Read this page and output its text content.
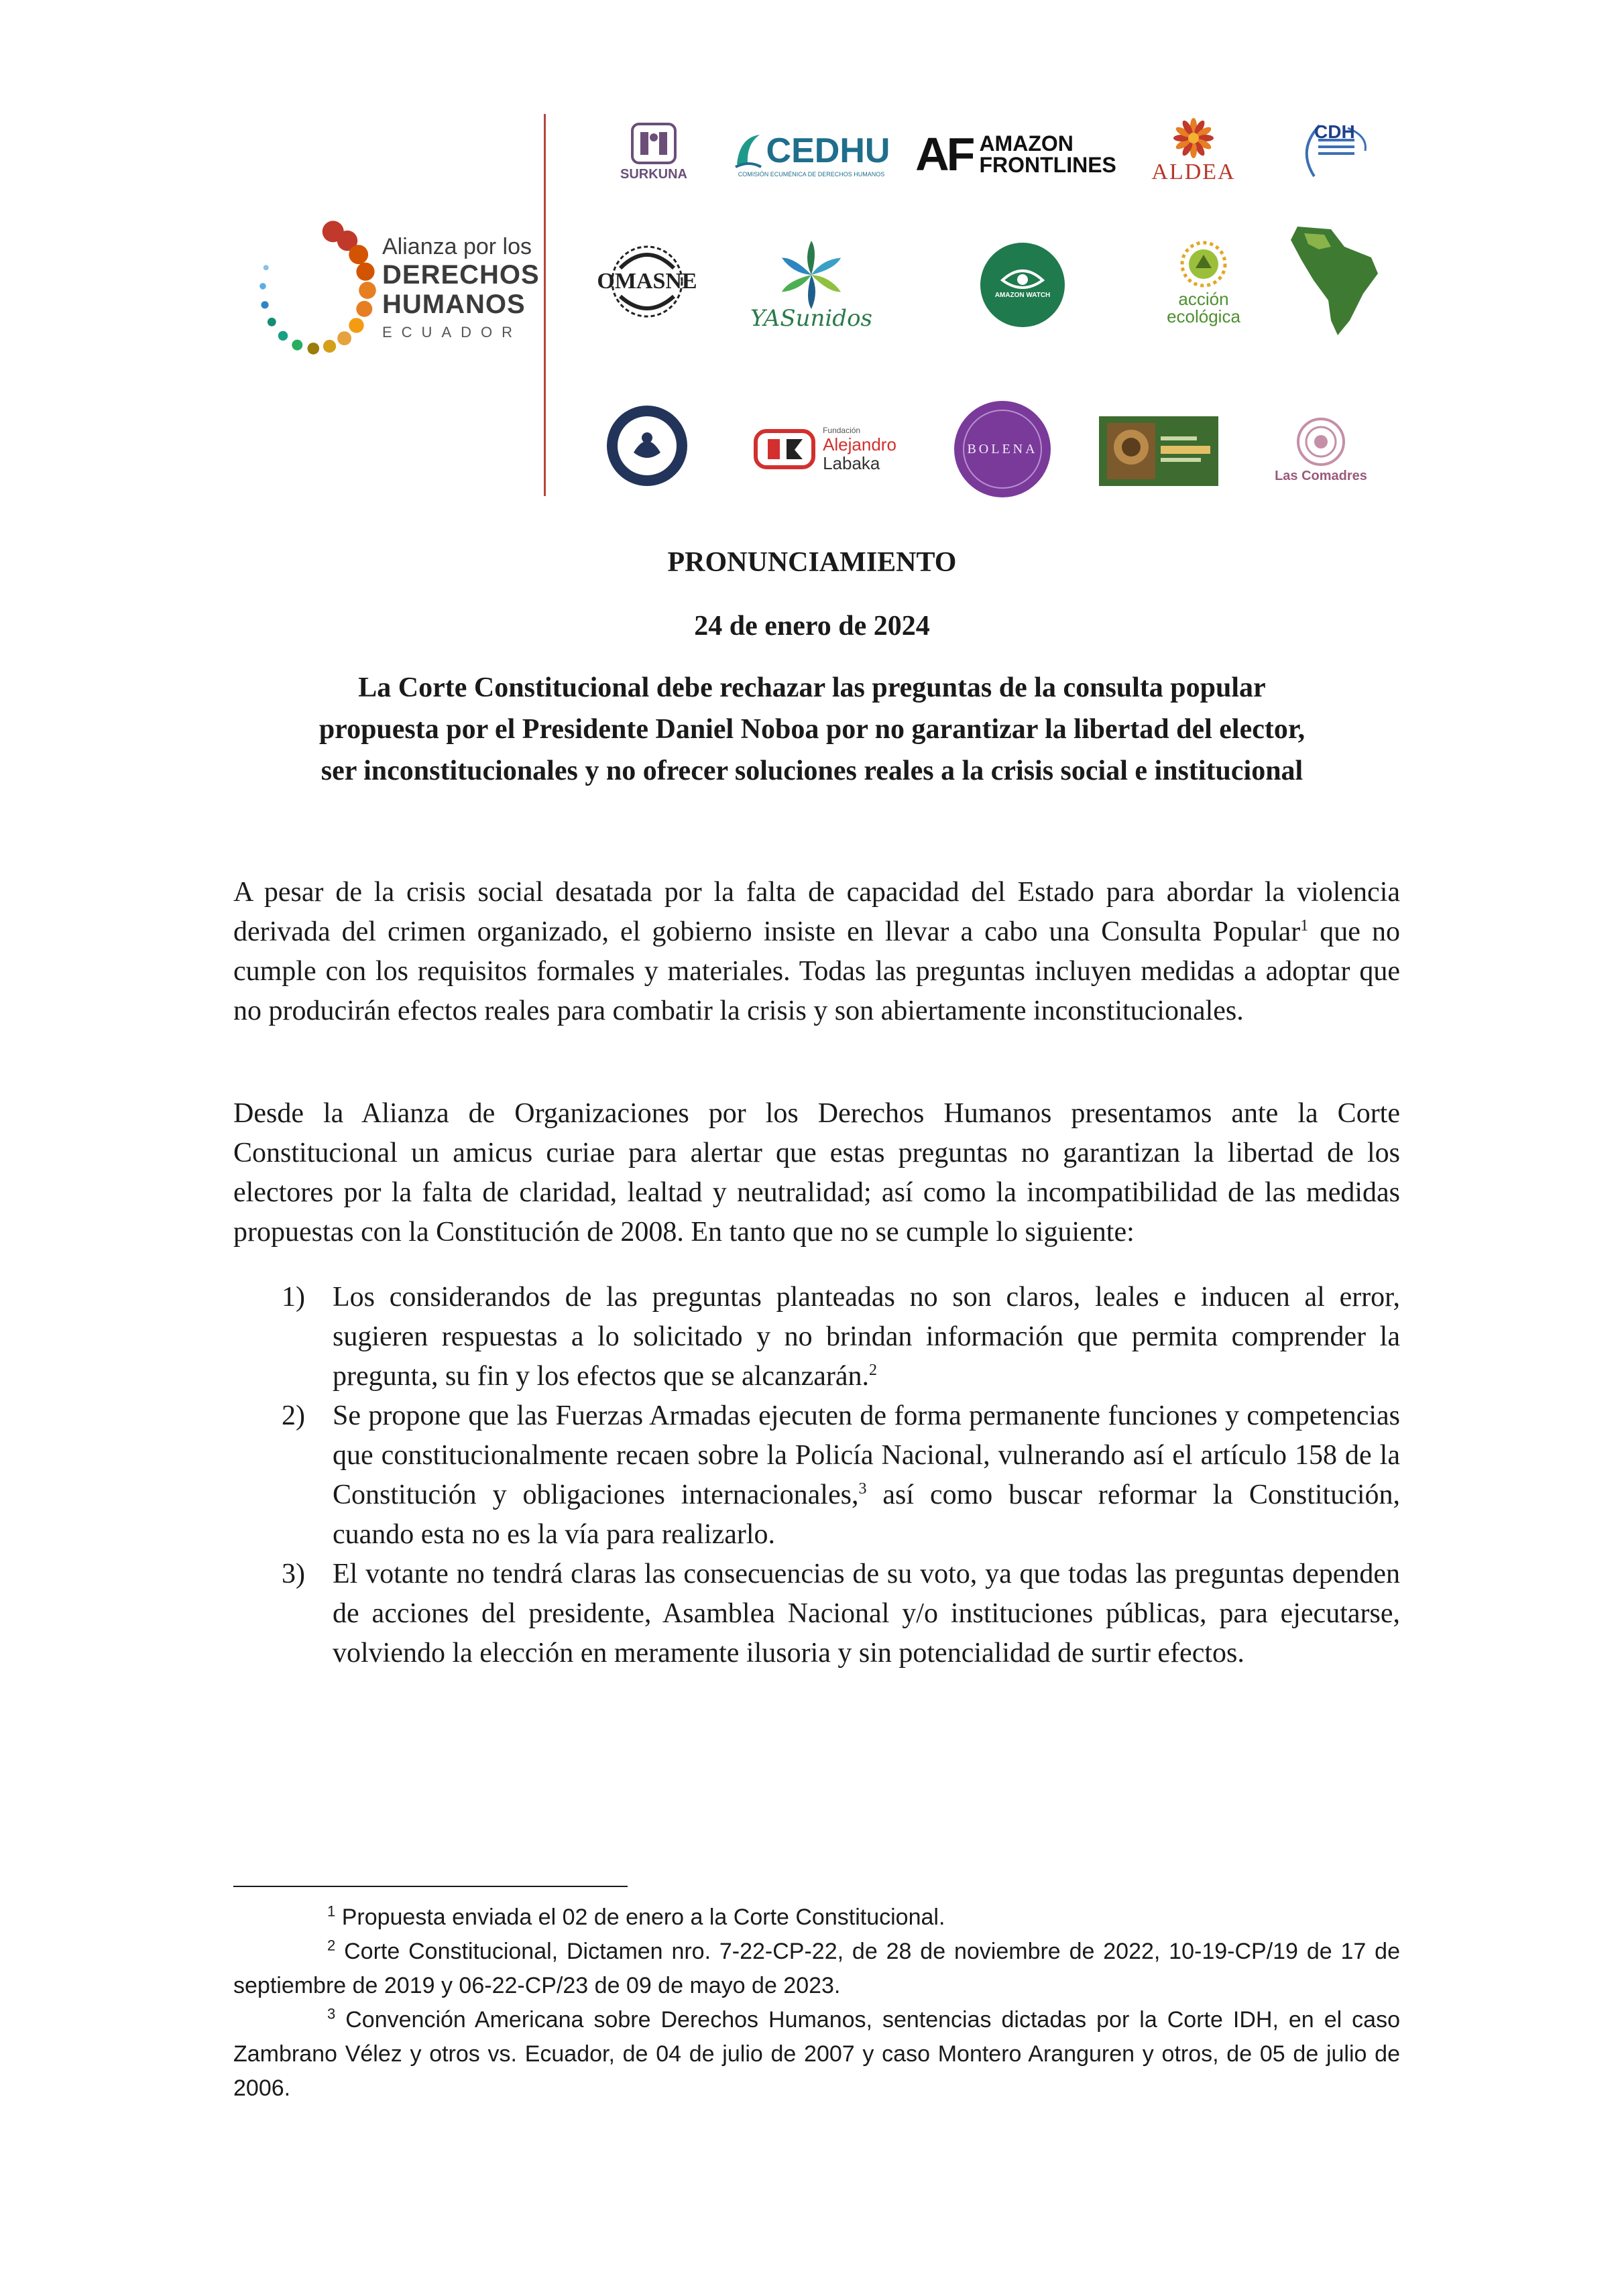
Alianza por los
DERECHOS
HUMANOS
ECUADOR
SURKUNA
CEDHU
COMISIÓN ECUMÉNICA DE DERECHOS HUMANOS AF AMAZON
FRONTLINES ALDEA
CDH
OMASNE
YASunidos
AMAZON WATCH	acción
ecológica
Fundación
Alejandro
Labaka
BOLENA
Las Comadres
PRONUNCIAMIENTO
24 de enero de 2024
La Corte Constitucional debe rechazar las preguntas de la consulta popular
propuesta por el Presidente Daniel Noboa por no garantizar la libertad del elector,
ser inconstitucionales y no ofrecer soluciones reales a la crisis social e institucional
A pesar de la crisis social desatada por la falta de capacidad del Estado para abordar la violencia derivada del crimen organizado, el gobierno insiste en llevar a cabo una Consulta Popular$^1$ que no cumple con los requisitos formales y materiales. Todas las preguntas incluyen medidas a adoptar que no producirán efectos reales para combatir la crisis y son abiertamente inconstitucionales.
Desde la Alianza de Organizaciones por los Derechos Humanos presentamos ante la Corte Constitucional un amicus curiae para alertar que estas preguntas no garantizan la libertad de los electores por la falta de claridad, lealtad y neutralidad; así como la incompatibilidad de las medidas propuestas con la Constitución de 2008. En tanto que no se cumple lo siguiente:
1) Los considerandos de las preguntas planteadas no son claros, leales e inducen al error, sugieren respuestas a lo solicitado y no brindan información que permita comprender la pregunta, su fin y los efectos que se alcanzarán.$^2$
2) Se propone que las Fuerzas Armadas ejecuten de forma permanente funciones y competencias que constitucionalmente recaen sobre la Policía Nacional, vulnerando así el artículo 158 de la Constitución y obligaciones internacionales,$^3$ así como buscar reformar la Constitución, cuando esta no es la vía para realizarlo.
3) El votante no tendrá claras las consecuencias de su voto, ya que todas las preguntas dependen de acciones del presidente, Asamblea Nacional y/o instituciones públicas, para ejecutarse, volviendo la elección en meramente ilusoria y sin potencialidad de surtir efectos.
$^1$ Propuesta enviada el 02 de enero a la Corte Constitucional.
$^2$ Corte Constitucional, Dictamen nro. 7-22-CP-22, de 28 de noviembre de 2022, 10-19-CP/19 de 17 de septiembre de 2019 y 06-22-CP/23 de 09 de mayo de 2023.
$^3$ Convención Americana sobre Derechos Humanos, sentencias dictadas por la Corte IDH, en el caso Zambrano Vélez y otros vs. Ecuador, de 04 de julio de 2007 y caso Montero Aranguren y otros, de 05 de julio de 2006.
